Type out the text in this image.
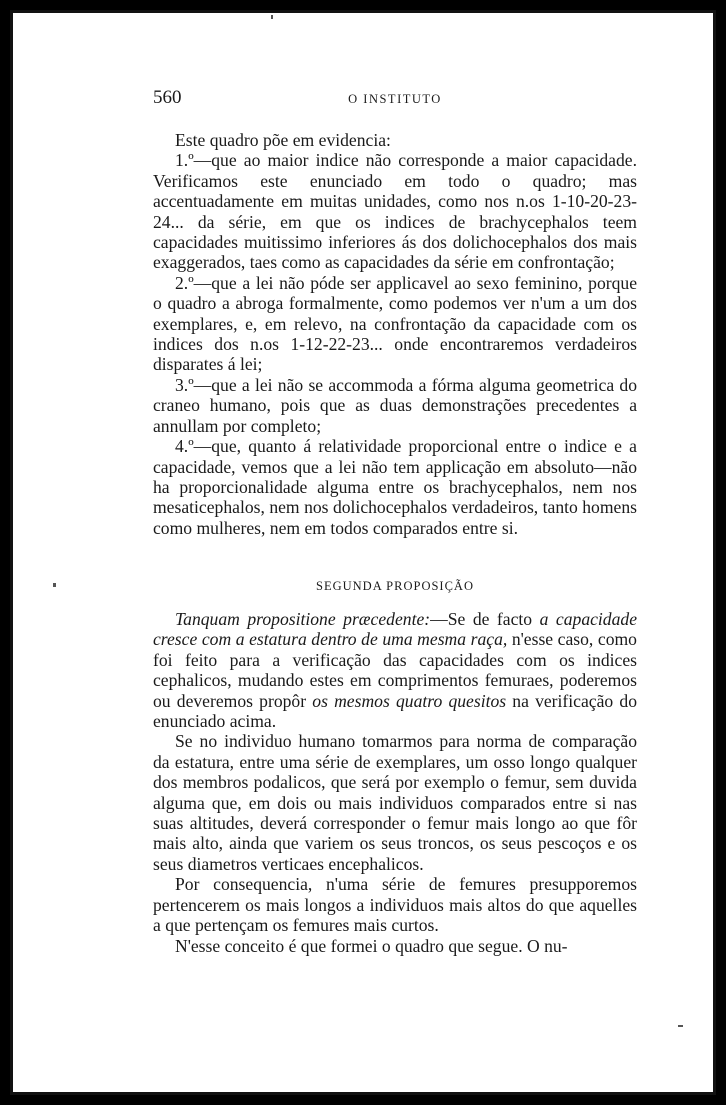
560	O INSTITUTO

Este quadro põe em evidencia:

1.º—que ao maior indice não corresponde a maior capacidade. Verificamos este enunciado em todo o quadro; mas accentuadamente em muitas unidades, como nos n.os 1-10-20-23-24... da série, em que os indices de brachycephalos teem capacidades muitissimo inferiores ás dos dolichocephalos dos mais exaggerados, taes como as capacidades da série em confrontação;

2.º—que a lei não póde ser applicavel ao sexo feminino, porque o quadro a abroga formalmente, como podemos ver n'um a um dos exemplares, e, em relevo, na confrontação da capacidade com os indices dos n.os 1-12-22-23... onde encontraremos verdadeiros disparates á lei;

3.º—que a lei não se accommoda a fórma alguma geometrica do craneo humano, pois que as duas demonstrações precedentes a annullam por completo;

4.º—que, quanto á relatividade proporcional entre o indice e a capacidade, vemos que a lei não tem applicação em absoluto—não ha proporcionalidade alguma entre os brachycephalos, nem nos mesaticephalos, nem nos dolichocephalos verdadeiros, tanto homens como mulheres, nem em todos comparados entre si.

SEGUNDA PROPOSIÇÃO

Tanquam propositione præcedente:—Se de facto a capacidade cresce com a estatura dentro de uma mesma raça, n'esse caso, como foi feito para a verificação das capacidades com os indices cephalicos, mudando estes em comprimentos femuraes, poderemos ou deveremos propôr os mesmos quatro quesitos na verificação do enunciado acima.

Se no individuo humano tomarmos para norma de comparação da estatura, entre uma série de exemplares, um osso longo qualquer dos membros podalicos, que será por exemplo o femur, sem duvida alguma que, em dois ou mais individuos comparados entre si nas suas altitudes, deverá corresponder o femur mais longo ao que fôr mais alto, ainda que variem os seus troncos, os seus pescoços e os seus diametros verticaes encephalicos.

Por consequencia, n'uma série de femures presupporemos pertencerem os mais longos a individuos mais altos do que aquelles a que pertençam os femures mais curtos.

N'esse conceito é que formei o quadro que segue. O nu-
